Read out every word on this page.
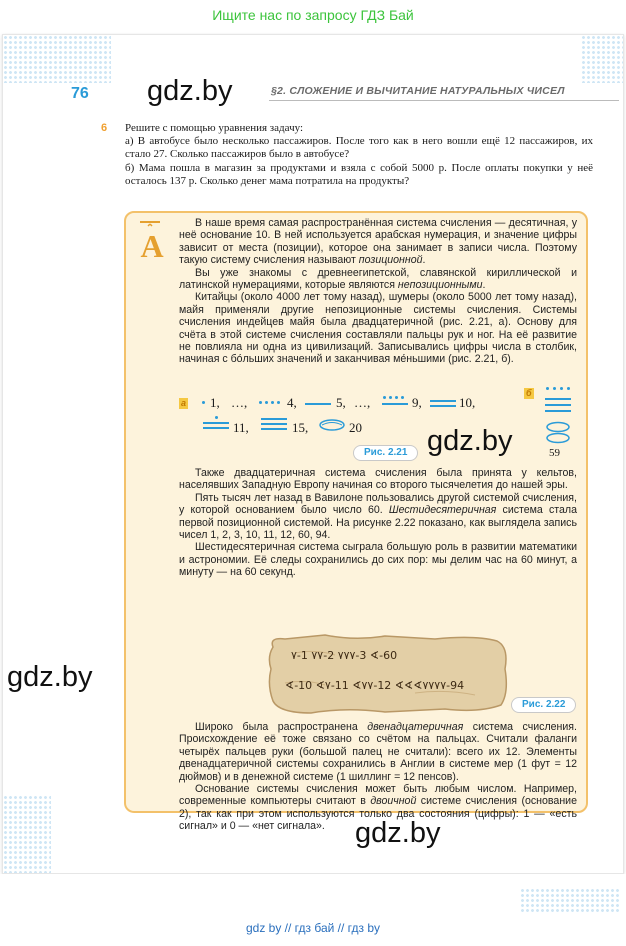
Ищите нас по запросу ГДЗ Бай
76	§2. СЛОЖЕНИЕ И ВЫЧИТАНИЕ НАТУРАЛЬНЫХ ЧИСЕЛ
6 Решите с помощью уравнения задачу:

а) В автобусе было несколько пассажиров. После того как в него вошли ещё 12 пассажиров, их стало 27. Сколько пассажиров было в автобусе?

б) Мама пошла в магазин за продуктами и взяла с собой 5000 р. После оплаты покупки у неё осталось 137 р. Сколько денег мама потратила на продукты?

А

В наше время самая распространённая система счисления — десятичная, у неё основание 10. В ней используется арабская нумерация, и значение цифры зависит от места (позиции), которое она занимает в записи числа. Поэтому такую систему счисления называют позиционной.

Вы уже знакомы с древнеегипетской, славянской кириллической и латинской нумерациями, которые являются непозиционными.

Китайцы (около 4000 лет тому назад), шумеры (около 5000 лет тому назад), майя применяли другие непозиционные системы счисления. Системы счисления индейцев майя была двадцатеричной (рис. 2.21, а). Основу для счёта в этой системе счисления составляли пальцы рук и ног. На её развитие не повлияла ни одна из цивилизаций. Записывались цифры числа в столбик, начиная с бо́льших значений и заканчивая ме́ньшими (рис. 2.21, б).

а 1, …,	4,	5, …,	9,	10,
11,	15,	20
Рис. 2.21
б
59

Также двадцатеричная система счисления была принята у кельтов, населявших Западную Европу начиная со второго тысячелетия до нашей эры.

Пять тысяч лет назад в Вавилоне пользовались другой системой счисления, у которой основанием было число 60. Шестидесятеричная система стала первой позиционной системой. На рисунке 2.22 показано, как выглядела запись чисел 1, 2, 3, 10, 11, 12, 60, 94.

Шестидесятеричная система сыграла большую роль в развитии математики и астрономии. Её следы сохранились до сих пор: мы делим час на 60 минут, а минуту — на 60 секунд.

٧-1 ٧٧-2 ٧٧٧-3 ∢-60
∢-10 ∢٧-11 ∢٧٧-12 ∢∢∢٧٧٧٧-94
Рис. 2.22

Широко была распространена двенадцатеричная система счисления. Происхождение её тоже связано со счётом на пальцах. Считали фаланги четырёх пальцев руки (большой палец не считали): всего их 12. Элементы двенадцатеричной системы сохранились в Англии в системе мер (1 фут = 12 дюймов) и в денежной системе (1 шиллинг = 12 пенсов).

Основание системы счисления может быть любым числом. Например, современные компьютеры считают в двоичной системе счисления (основание 2), так как при этом используются только два состояния (цифры): 1 — «есть сигнал» и 0 — «нет сигнала».

gdz.by
gdz.by
gdz.by
gdz.by
gdz by // гдз бай // гдз by
